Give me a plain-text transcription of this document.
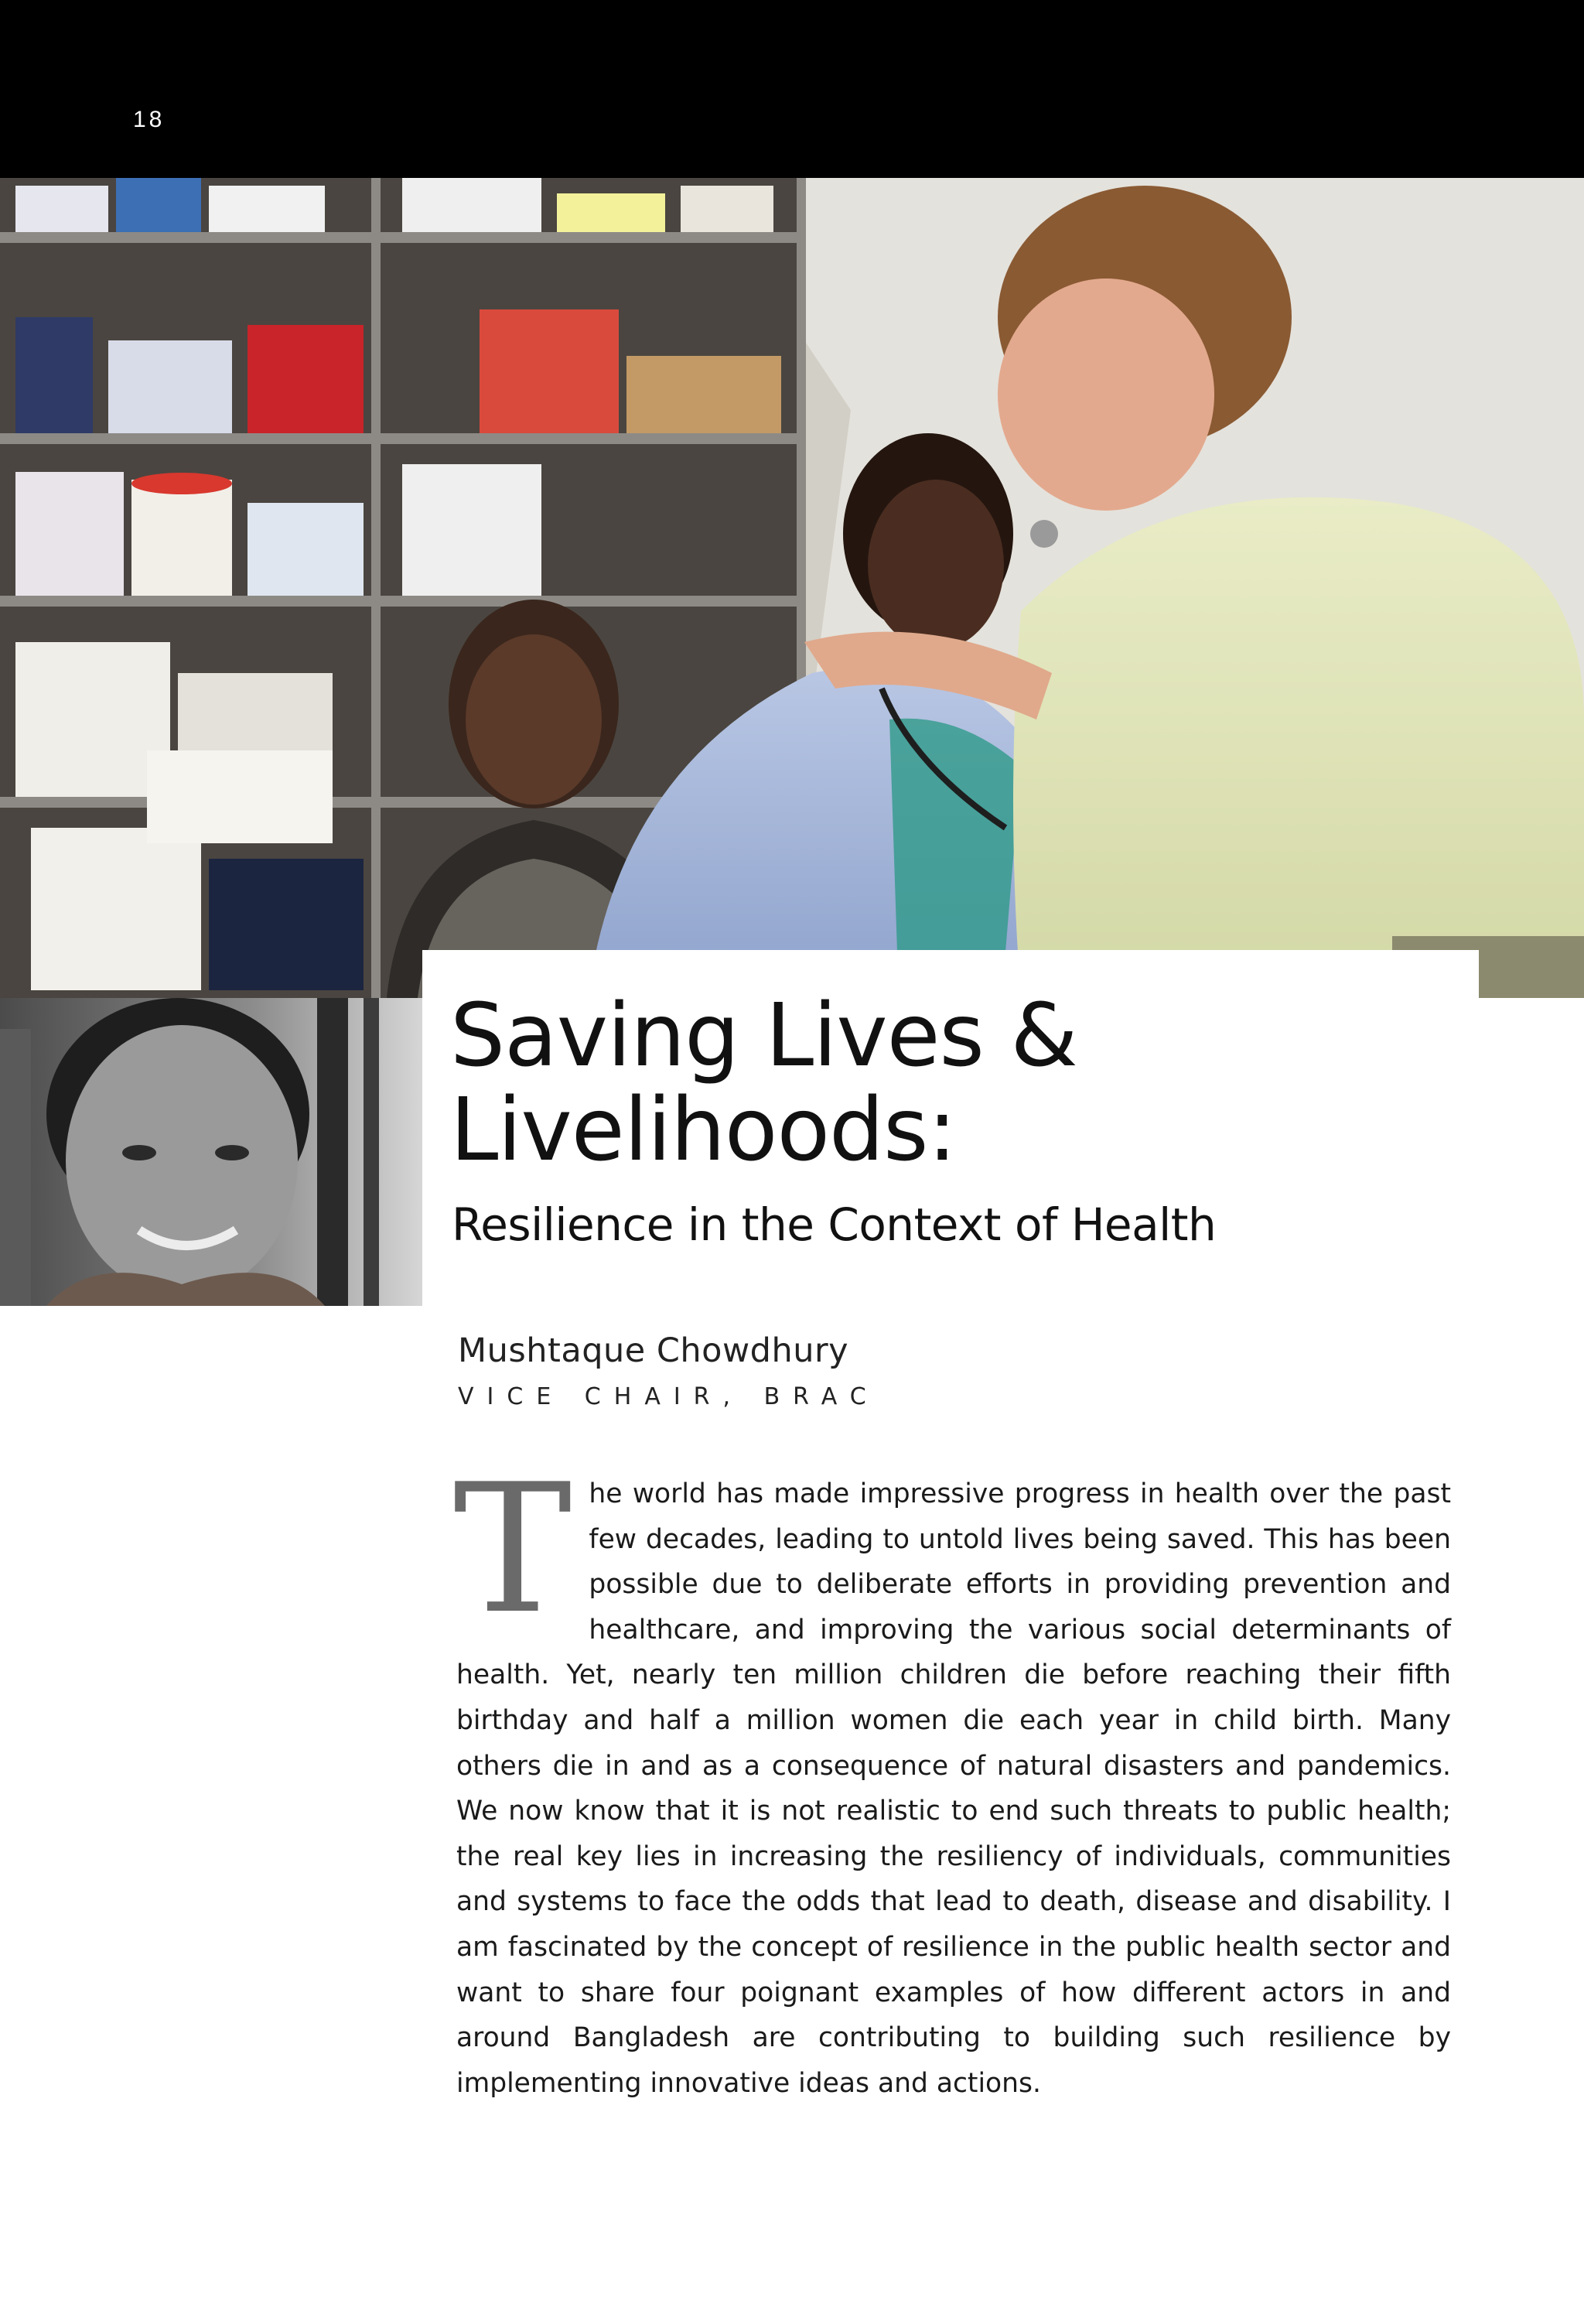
18
Saving Lives &
Livelihoods:
Resilience in the Context of Health
Mushtaque Chowdhury
VICE CHAIR, BRAC

The world has made impressive progress in health over the past few decades, leading to untold lives being saved. This has been possible due to deliberate efforts in providing prevention and healthcare, and improving the various social determinants of health. Yet, nearly ten million children die before reaching their fifth birthday and half a million women die each year in child birth. Many others die in and as a consequence of natural disasters and pandemics. We now know that it is not realistic to end such threats to public health; the real key lies in increasing the resiliency of individuals, communities and systems to face the odds that lead to death, disease and disability. I am fascinated by the concept of resilience in the public health sector and want to share four poignant examples of how different actors in and around Bangladesh are contributing to building such resilience by implementing innovative ideas and actions.
